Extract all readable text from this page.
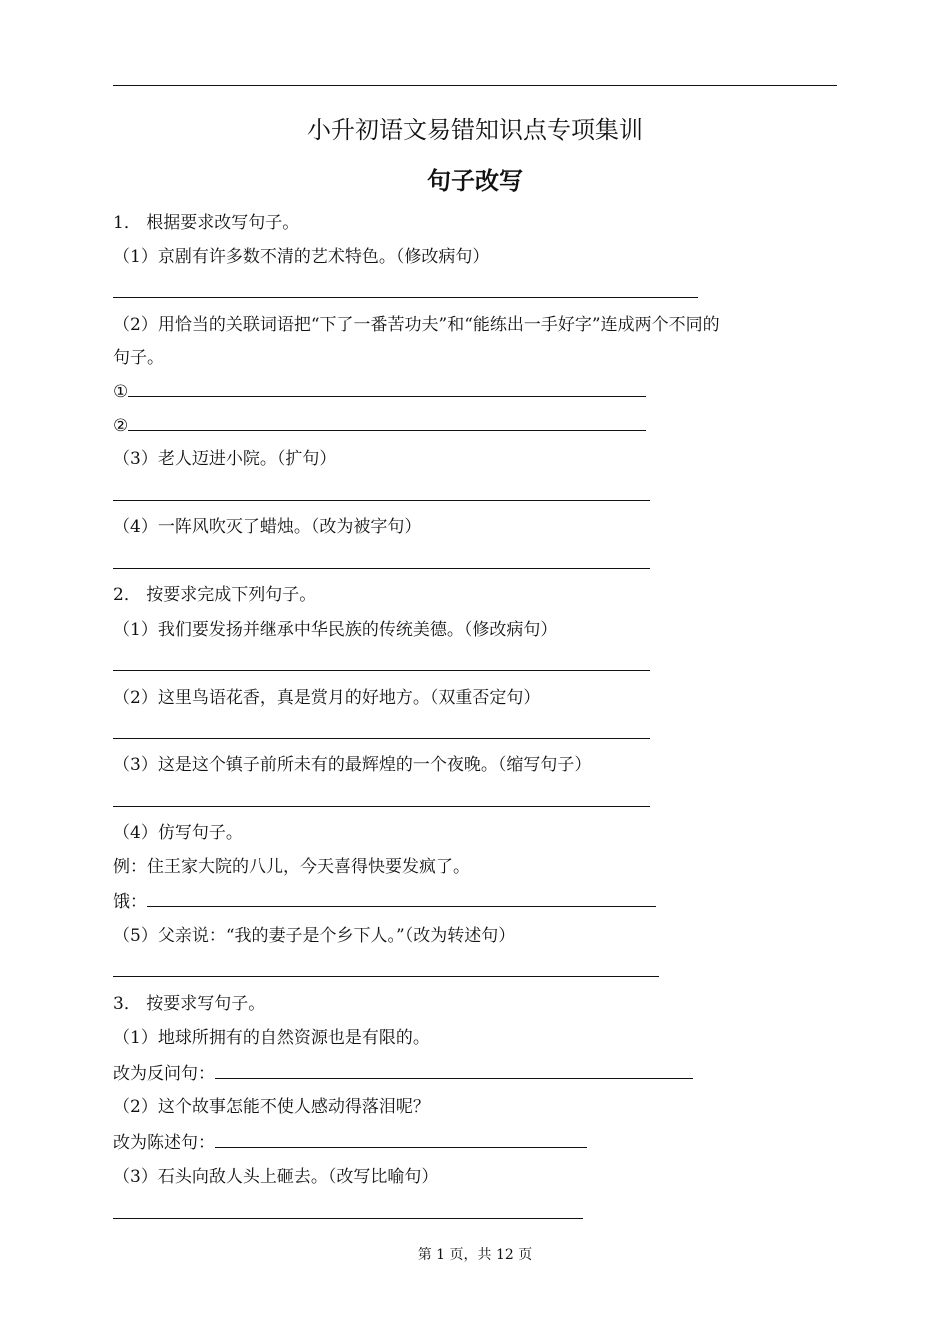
小升初语文易错知识点专项集训
句子改写
1． 根据要求改写句子。
（1）京剧有许多数不清的艺术特色。（修改病句）
（2）用恰当的关联词语把“下了一番苦功夫”和“能练出一手好字”连成两个不同的
句子。
①
②
（3）老人迈进小院。（扩句）
（4）一阵风吹灭了蜡烛。（改为被字句）
2． 按要求完成下列句子。
（1）我们要发扬并继承中华民族的传统美德。（修改病句）
（2）这里鸟语花香，真是赏月的好地方。（双重否定句）
（3）这是这个镇子前所未有的最辉煌的一个夜晚。（缩写句子）
（4）仿写句子。
例：住王家大院的八儿，今天喜得快要发疯了。
饿：
（5）父亲说：“我的妻子是个乡下人。”（改为转述句）
3． 按要求写句子。
（1）地球所拥有的自然资源也是有限的。
改为反问句：
（2）这个故事怎能不使人感动得落泪呢？
改为陈述句：
（3）石头向敌人头上砸去。（改写比喻句）
第 1 页，共 12 页
